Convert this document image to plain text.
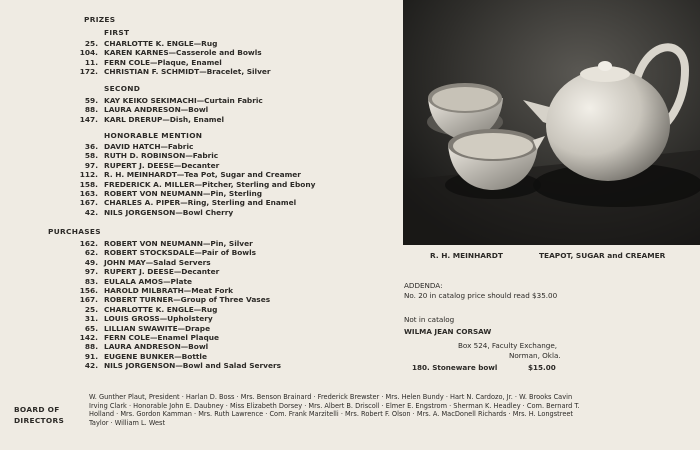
PRIZES
FIRST
25. CHARLOTTE K. ENGLE—Rug
104. KAREN KARNES—Casserole and Bowls
11. FERN COLE—Plaque, Enamel
172. CHRISTIAN F. SCHMIDT—Bracelet, Silver
SECOND
59. KAY KEIKO SEKIMACHI—Curtain Fabric
88. LAURA ANDRESON—Bowl
147. KARL DRERUP—Dish, Enamel
HONORABLE MENTION
36. DAVID HATCH—Fabric
58. RUTH D. ROBINSON—Fabric
97. RUPERT J. DEESE—Decanter
112. R. H. MEINHARDT—Tea Pot, Sugar and Creamer
158. FREDERICK A. MILLER—Pitcher, Sterling and Ebony
163. ROBERT VON NEUMANN—Pin, Sterling
167. CHARLES A. PIPER—Ring, Sterling and Enamel
42. NILS JORGENSON—Bowl Cherry
PURCHASES
162. ROBERT VON NEUMANN—Pin, Silver
62. ROBERT STOCKSDALE—Pair of Bowls
49. JOHN MAY—Salad Servers
97. RUPERT J. DEESE—Decanter
83. EULALA AMOS—Plate
156. HAROLD MILBRATH—Meat Fork
167. ROBERT TURNER—Group of Three Vases
25. CHARLOTTE K. ENGLE—Rug
31. LOUIS GROSS—Upholstery
65. LILLIAN SWAWITE—Drape
142. FERN COLE—Enamel Plaque
88. LAURA ANDRESON—Bowl
91. EUGENE BUNKER—Bottle
42. NILS JORGENSON—Bowl and Salad Servers
R. H. MEINHARDT	TEAPOT, SUGAR and CREAMER
ADDENDA:
No. 20 in catalog price should read $35.00
Not in catalog
WILMA JEAN CORSAW
Box 524, Faculty Exchange,
Norman, Okla.
180. Stoneware bowl	$15.00
BOARD OF
DIRECTORS
W. Gunther Plaut, President · Harlan D. Boss · Mrs. Benson Brainard · Frederick Brewster · Mrs. Helen Bundy · Hart N. Cardozo, Jr. · W. Brooks Cavin
Irving Clark · Honorable John E. Daubney · Miss Elizabeth Dorsey · Mrs. Albert B. Driscoll · Elmer E. Engstrom · Sherman K. Headley · Com. Bernard T.
Holland · Mrs. Gordon Kamman · Mrs. Ruth Lawrence · Com. Frank Marzitelli · Mrs. Robert F. Olson · Mrs. A. MacDonell Richards · Mrs. H. Longstreet
Taylor · William L. West
